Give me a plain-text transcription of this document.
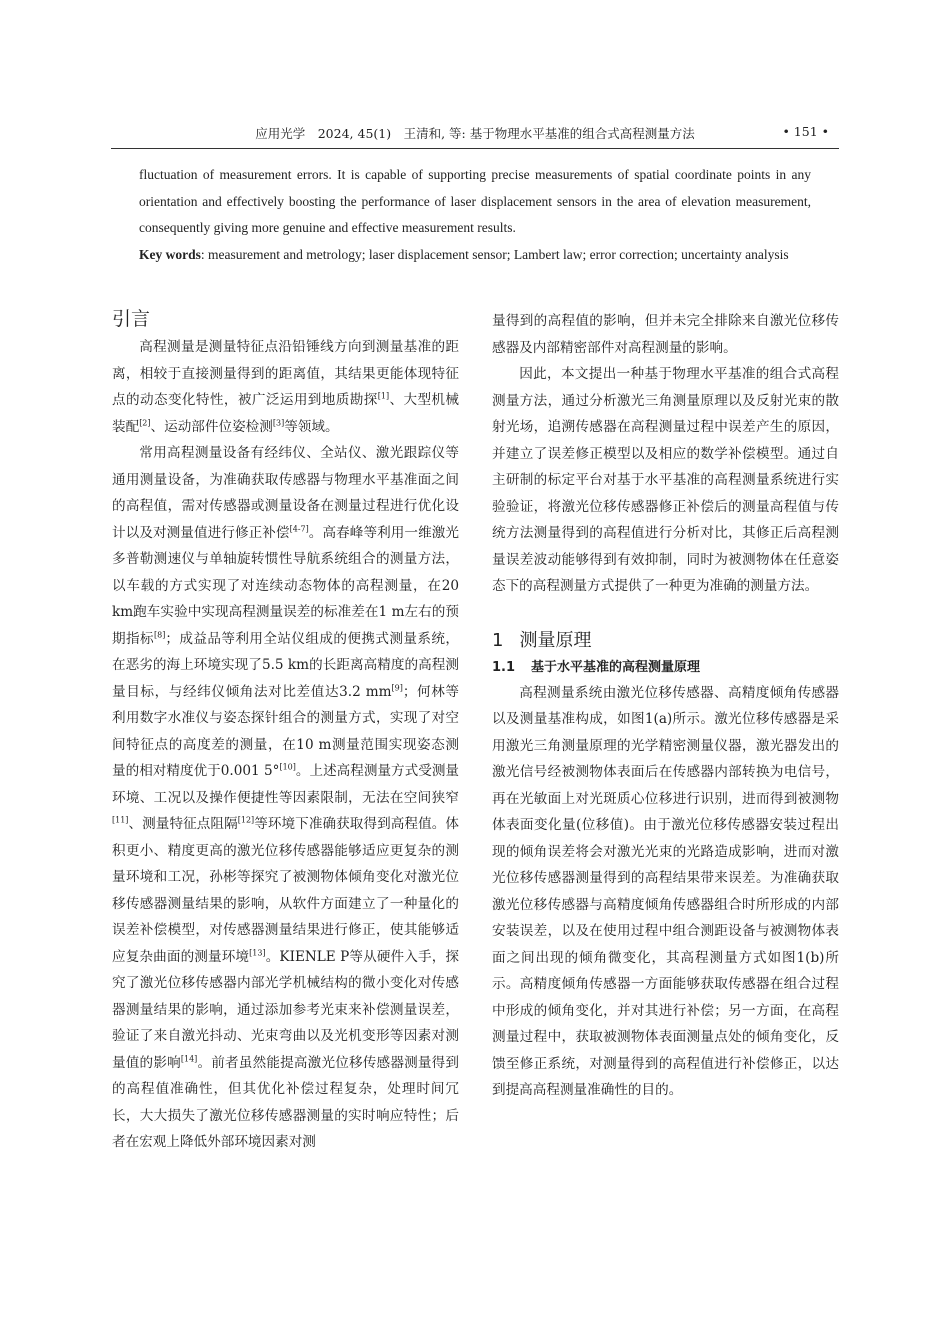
应用光学　2024, 45(1)　王清和, 等: 基于物理水平基准的组合式高程测量方法	• 151 •

fluctuation of measurement errors. It is capable of supporting precise measurements of spatial coordinate points in any orientation and effectively boosting the performance of laser displacement sensors in the area of elevation measurement, consequently giving more genuine and effective measurement results.

Key words: measurement and metrology; laser displacement sensor; Lambert law; error correction; uncertainty analysis

引言

高程测量是测量特征点沿铅锤线方向到测量基准的距离，相较于直接测量得到的距离值，其结果更能体现特征点的动态变化特性，被广泛运用到地质勘探[1]、大型机械装配[2]、运动部件位姿检测[3]等领域。

常用高程测量设备有经纬仪、全站仪、激光跟踪仪等通用测量设备，为准确获取传感器与物理水平基准面之间的高程值，需对传感器或测量设备在测量过程进行优化设计以及对测量值进行修正补偿[4-7]。高春峰等利用一维激光多普勒测速仪与单轴旋转惯性导航系统组合的测量方法，以车载的方式实现了对连续动态物体的高程测量，在20 km跑车实验中实现高程测量误差的标准差在1 m左右的预期指标[8]；成益品等利用全站仪组成的便携式测量系统，在恶劣的海上环境实现了5.5 km的长距离高精度的高程测量目标，与经纬仪倾角法对比差值达3.2 mm[9]；何林等利用数字水准仪与姿态探针组合的测量方式，实现了对空间特征点的高度差的测量，在10 m测量范围实现姿态测量的相对精度优于0.001 5°[10]。上述高程测量方式受测量环境、工况以及操作便捷性等因素限制，无法在空间狭窄[11]、测量特征点阻隔[12]等环境下准确获取得到高程值。体积更小、精度更高的激光位移传感器能够适应更复杂的测量环境和工况，孙彬等探究了被测物体倾角变化对激光位移传感器测量结果的影响，从软件方面建立了一种量化的误差补偿模型，对传感器测量结果进行修正，使其能够适应复杂曲面的测量环境[13]。KIENLE P等从硬件入手，探究了激光位移传感器内部光学机械结构的微小变化对传感器测量结果的影响，通过添加参考光束来补偿测量误差，验证了来自激光抖动、光束弯曲以及光机变形等因素对测量值的影响[14]。前者虽然能提高激光位移传感器测量得到的高程值准确性，但其优化补偿过程复杂，处理时间冗长，大大损失了激光位移传感器测量的实时响应特性；后者在宏观上降低外部环境因素对测

量得到的高程值的影响，但并未完全排除来自激光位移传感器及内部精密部件对高程测量的影响。

因此，本文提出一种基于物理水平基准的组合式高程测量方法，通过分析激光三角测量原理以及反射光束的散射光场，追溯传感器在高程测量过程中误差产生的原因，并建立了误差修正模型以及相应的数学补偿模型。通过自主研制的标定平台对基于水平基准的高程测量系统进行实验验证，将激光位移传感器修正补偿后的测量高程值与传统方法测量得到的高程值进行分析对比，其修正后高程测量误差波动能够得到有效抑制，同时为被测物体在任意姿态下的高程测量方式提供了一种更为准确的测量方法。

1 测量原理
1.1 基于水平基准的高程测量原理

高程测量系统由激光位移传感器、高精度倾角传感器以及测量基准构成，如图1(a)所示。激光位移传感器是采用激光三角测量原理的光学精密测量仪器，激光器发出的激光信号经被测物体表面后在传感器内部转换为电信号，再在光敏面上对光斑质心位移进行识别，进而得到被测物体表面变化量(位移值)。由于激光位移传感器安装过程出现的倾角误差将会对激光光束的光路造成影响，进而对激光位移传感器测量得到的高程结果带来误差。为准确获取激光位移传感器与高精度倾角传感器组合时所形成的内部安装误差，以及在使用过程中组合测距设备与被测物体表面之间出现的倾角微变化，其高程测量方式如图1(b)所示。高精度倾角传感器一方面能够获取传感器在组合过程中形成的倾角变化，并对其进行补偿；另一方面，在高程测量过程中，获取被测物体表面测量点处的倾角变化，反馈至修正系统，对测量得到的高程值进行补偿修正，以达到提高高程测量准确性的目的。
